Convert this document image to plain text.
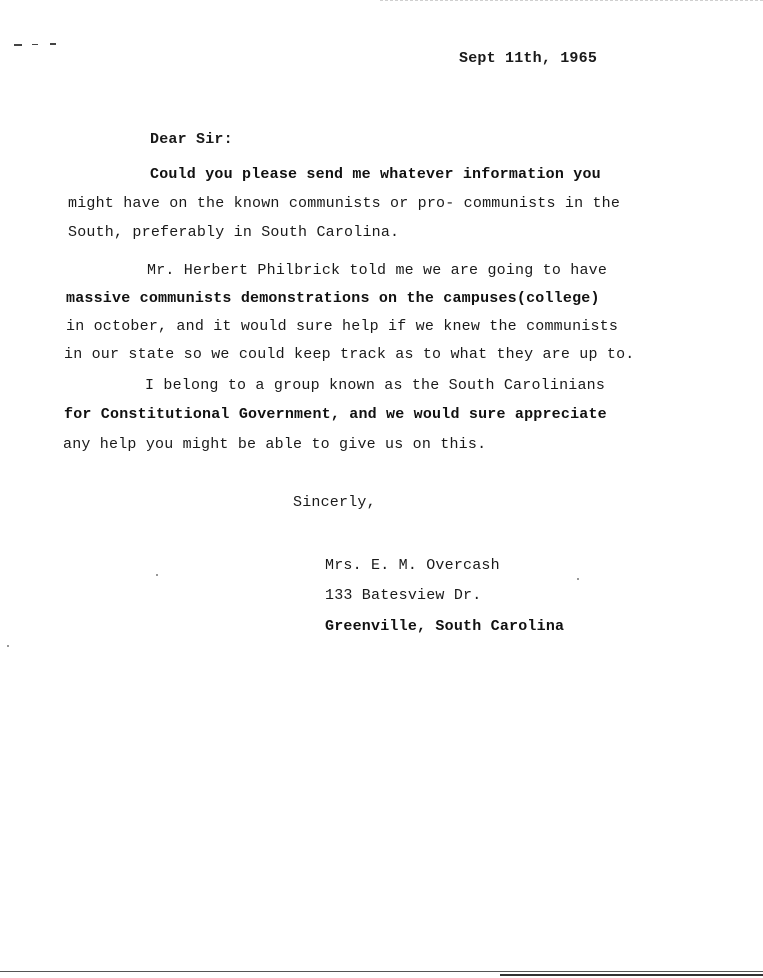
Sept 11th, 1965
Dear Sir:
Could you please send me whatever information you
might have on the known communists or pro- communists in the
South, preferably in South Carolina.
Mr. Herbert Philbrick told me we are going to have
massive communists demonstrations on the campuses(college)
in october, and it would sure help if we knew the communists
in our state so we could keep track as to what they are up to.
I belong to a group known as the South Carolinians
for Constitutional Government, and we would sure appreciate
any help you might be able to give us on this.
Sincerly,
Mrs. E. M. Overcash
133 Batesview Dr.
Greenville, South Carolina
